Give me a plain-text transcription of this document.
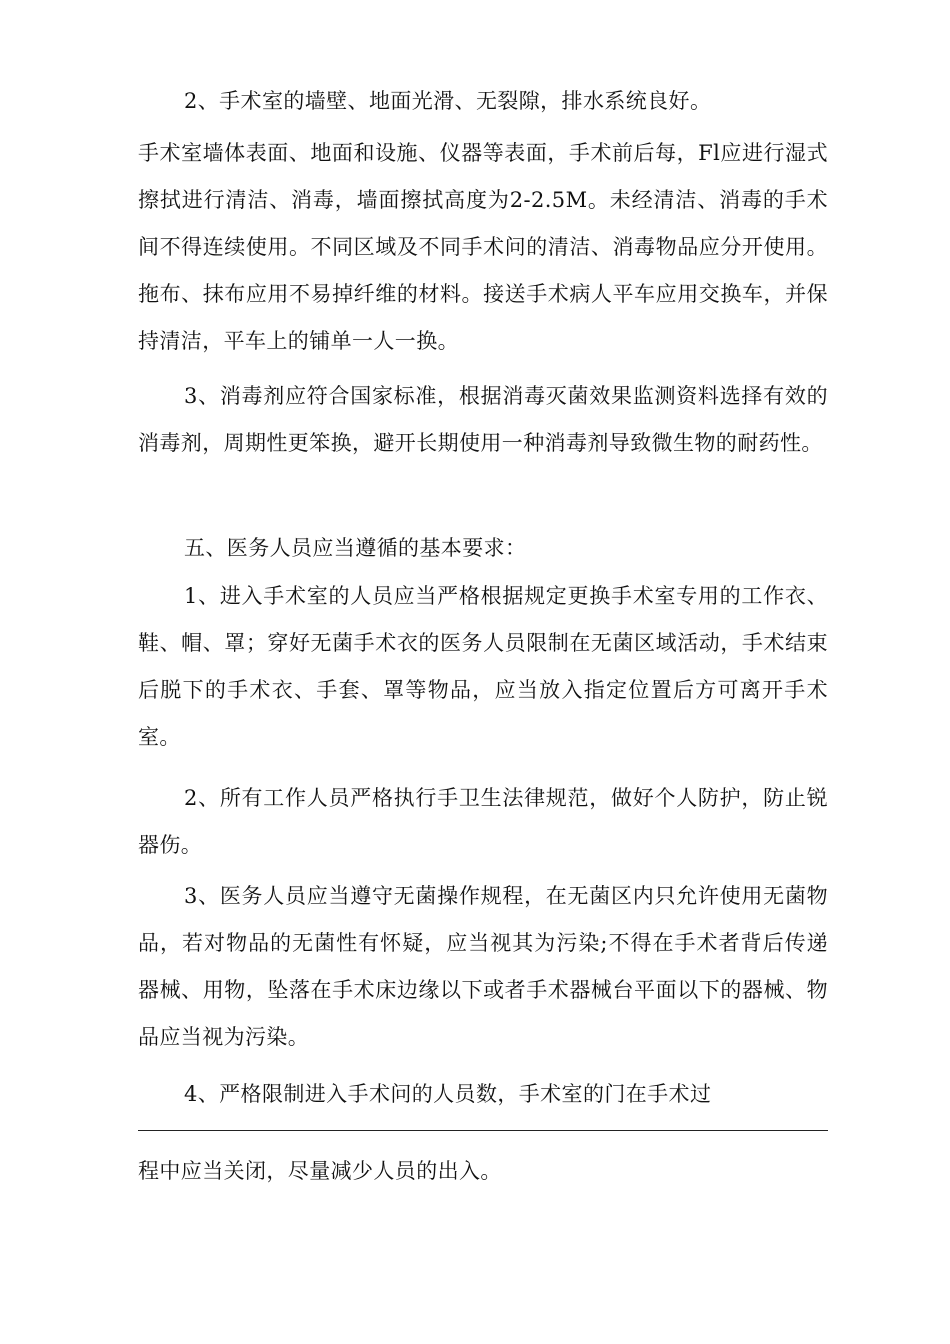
2、手术室的墙壁、地面光滑、无裂隙，排水系统良好。

手术室墙体表面、地面和设施、仪器等表面，手术前后每，Fl应进行湿式擦拭进行清洁、消毒，墙面擦拭高度为2-2.5M。未经清洁、消毒的手术间不得连续使用。不同区域及不同手术问的清洁、消毒物品应分开使用。拖布、抹布应用不易掉纤维的材料。接送手术病人平车应用交换车，并保持清洁，平车上的铺单一人一换。

3、消毒剂应符合国家标准，根据消毒灭菌效果监测资料选择有效的消毒剂，周期性更笨换，避开长期使用一种消毒剂导致微生物的耐药性。

五、医务人员应当遵循的基本要求：

1、进入手术室的人员应当严格根据规定更换手术室专用的工作衣、鞋、帽、罩；穿好无菌手术衣的医务人员限制在无菌区域活动，手术结束后脱下的手术衣、手套、罩等物品，应当放入指定位置后方可离开手术室。

2、所有工作人员严格执行手卫生法律规范，做好个人防护，防止锐器伤。

3、医务人员应当遵守无菌操作规程，在无菌区内只允许使用无菌物品，若对物品的无菌性有怀疑，应当视其为污染;不得在手术者背后传递器械、用物，坠落在手术床边缘以下或者手术器械台平面以下的器械、物品应当视为污染。

4、严格限制进入手术问的人员数，手术室的门在手术过

程中应当关闭，尽量减少人员的出入。
